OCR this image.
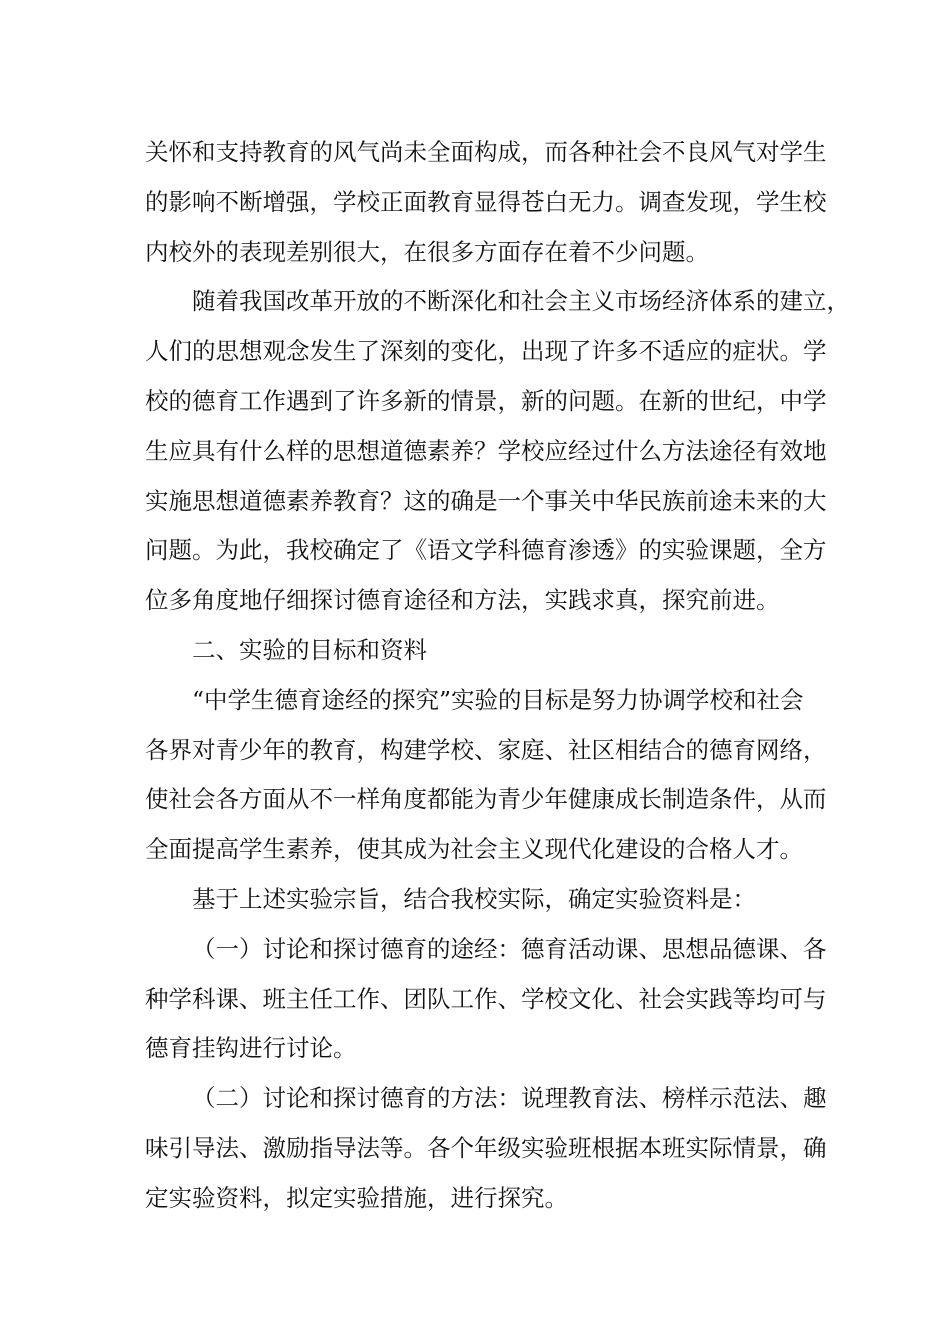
关怀和支持教育的风气尚未全面构成，而各种社会不良风气对学生
的影响不断增强，学校正面教育显得苍白无力。调查发现，学生校
内校外的表现差别很大，在很多方面存在着不少问题。
随着我国改革开放的不断深化和社会主义市场经济体系的建立，
人们的思想观念发生了深刻的变化，出现了许多不适应的症状。学
校的德育工作遇到了许多新的情景，新的问题。在新的世纪，中学
生应具有什么样的思想道德素养？学校应经过什么方法途径有效地
实施思想道德素养教育？这的确是一个事关中华民族前途未来的大
问题。为此，我校确定了《语文学科德育渗透》的实验课题，全方
位多角度地仔细探讨德育途径和方法，实践求真，探究前进。
二、实验的目标和资料
“中学生德育途经的探究”实验的目标是努力协调学校和社会
各界对青少年的教育，构建学校、家庭、社区相结合的德育网络，
使社会各方面从不一样角度都能为青少年健康成长制造条件，从而
全面提高学生素养，使其成为社会主义现代化建设的合格人才。
基于上述实验宗旨，结合我校实际，确定实验资料是：
（一）讨论和探讨德育的途经：德育活动课、思想品德课、各
种学科课、班主任工作、团队工作、学校文化、社会实践等均可与
德育挂钩进行讨论。
（二）讨论和探讨德育的方法：说理教育法、榜样示范法、趣
味引导法、激励指导法等。各个年级实验班根据本班实际情景，确
定实验资料，拟定实验措施，进行探究。
